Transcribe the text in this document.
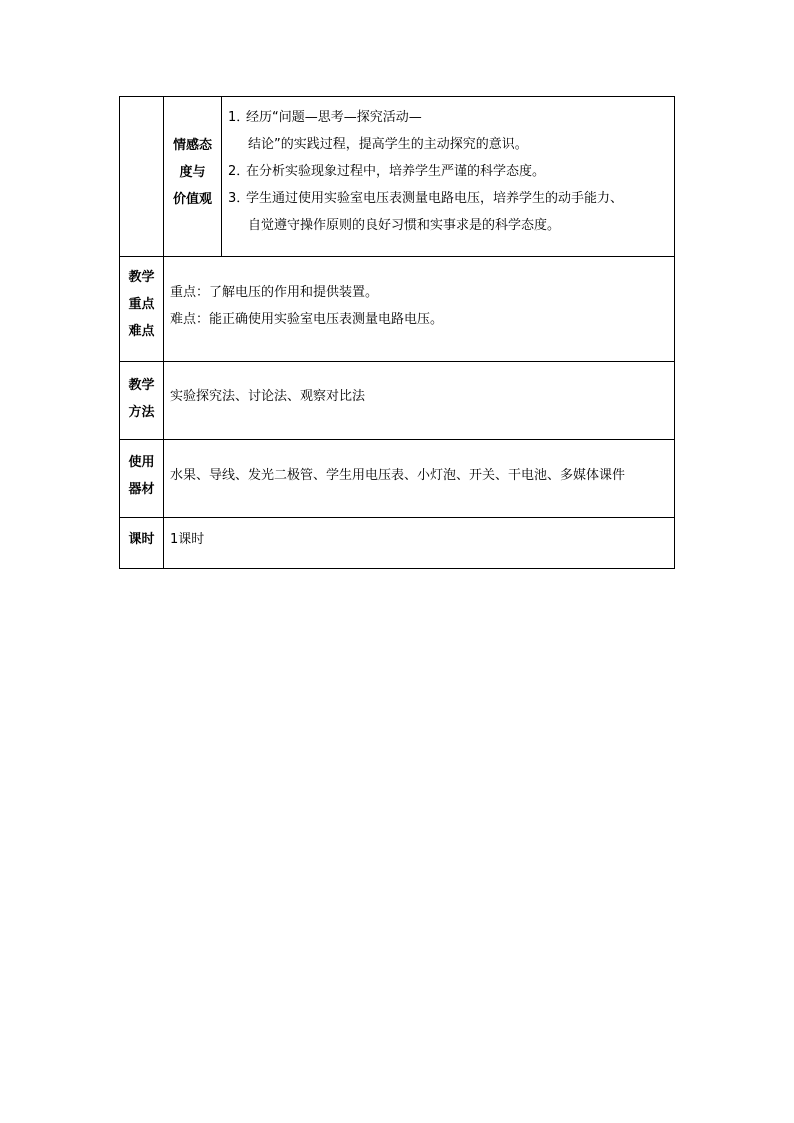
情感态
度与
价值观
1．经历“问题—思考—探究活动—
结论”的实践过程，提高学生的主动探究的意识。
2．在分析实验现象过程中，培养学生严谨的科学态度。
3．学生通过使用实验室电压表测量电路电压，培养学生的动手能力、
自觉遵守操作原则的良好习惯和实事求是的科学态度。
教学
重点
难点
重点：了解电压的作用和提供装置。
难点：能正确使用实验室电压表测量电路电压。
教学
方法
实验探究法、讨论法、观察对比法
使用
器材
水果、导线、发光二极管、学生用电压表、小灯泡、开关、干电池、多媒体课件
课时	1课时
